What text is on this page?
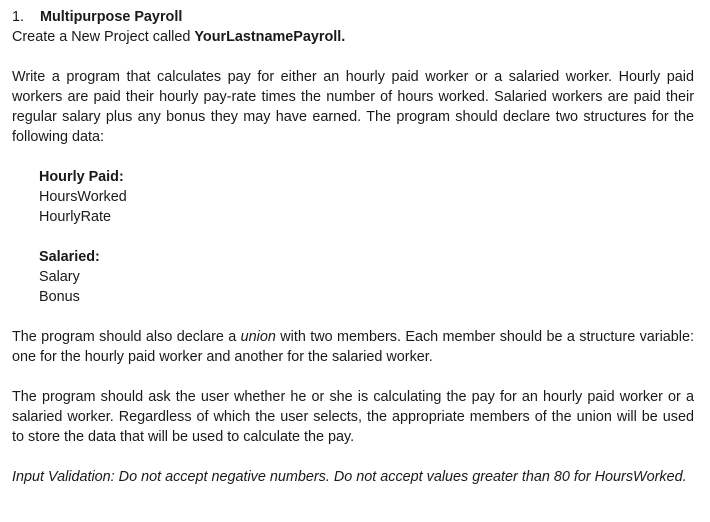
1. Multipurpose Payroll

Create a New Project called YourLastnamePayroll.

Write a program that calculates pay for either an hourly paid worker or a salaried worker. Hourly paid workers are paid their hourly pay-rate times the number of hours worked. Salaried workers are paid their regular salary plus any bonus they may have earned. The program should declare two structures for the following data:

Hourly Paid:
HoursWorked
HourlyRate
Salaried:
Salary
Bonus

The program should also declare a union with two members. Each member should be a structure variable: one for the hourly paid worker and another for the salaried worker.

The program should ask the user whether he or she is calculating the pay for an hourly paid worker or a salaried worker. Regardless of which the user selects, the appropriate members of the union will be used to store the data that will be used to calculate the pay.

Input Validation: Do not accept negative numbers. Do not accept values greater than 80 for HoursWorked.
